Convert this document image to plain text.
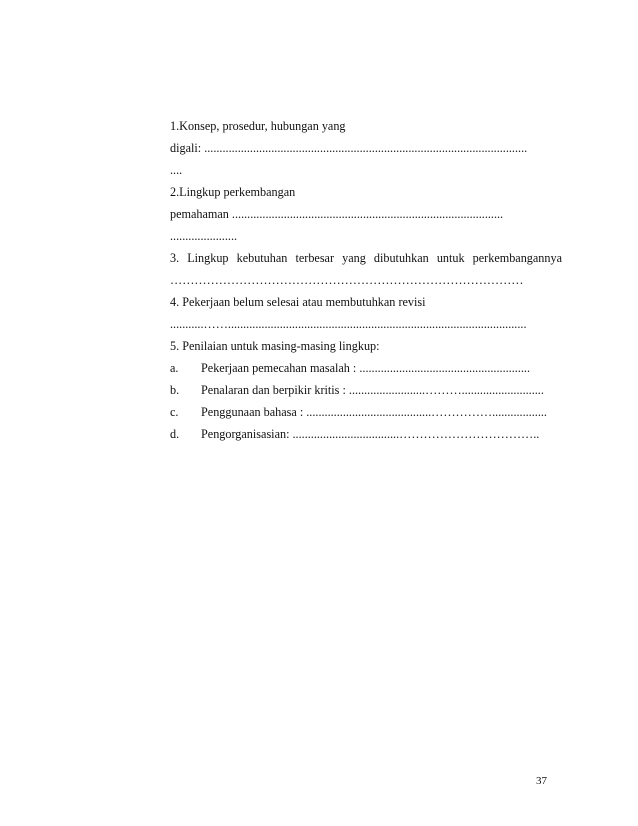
1.Konsep, prosedur, hubungan yang
digali: ..........................................................................................................
....
2.Lingkup perkembangan
pemahaman .........................................................................................
......................
3. Lingkup kebutuhan terbesar yang dibutuhkan untuk perkembangannya
……………………………………………………………………………
4. Pekerjaan belum selesai atau membutuhkan revisi
...........……..................................................................................................
5. Penilaian untuk masing-masing lingkup:
a. Pekerjaan pemecahan masalah : ........................................................
b. Penalaran dan berpikir kritis : .........................………...........................
c. Penggunaan bahasa : .........................................……………..................
d. Pengorganisasian: ...................................……………………………..
37
